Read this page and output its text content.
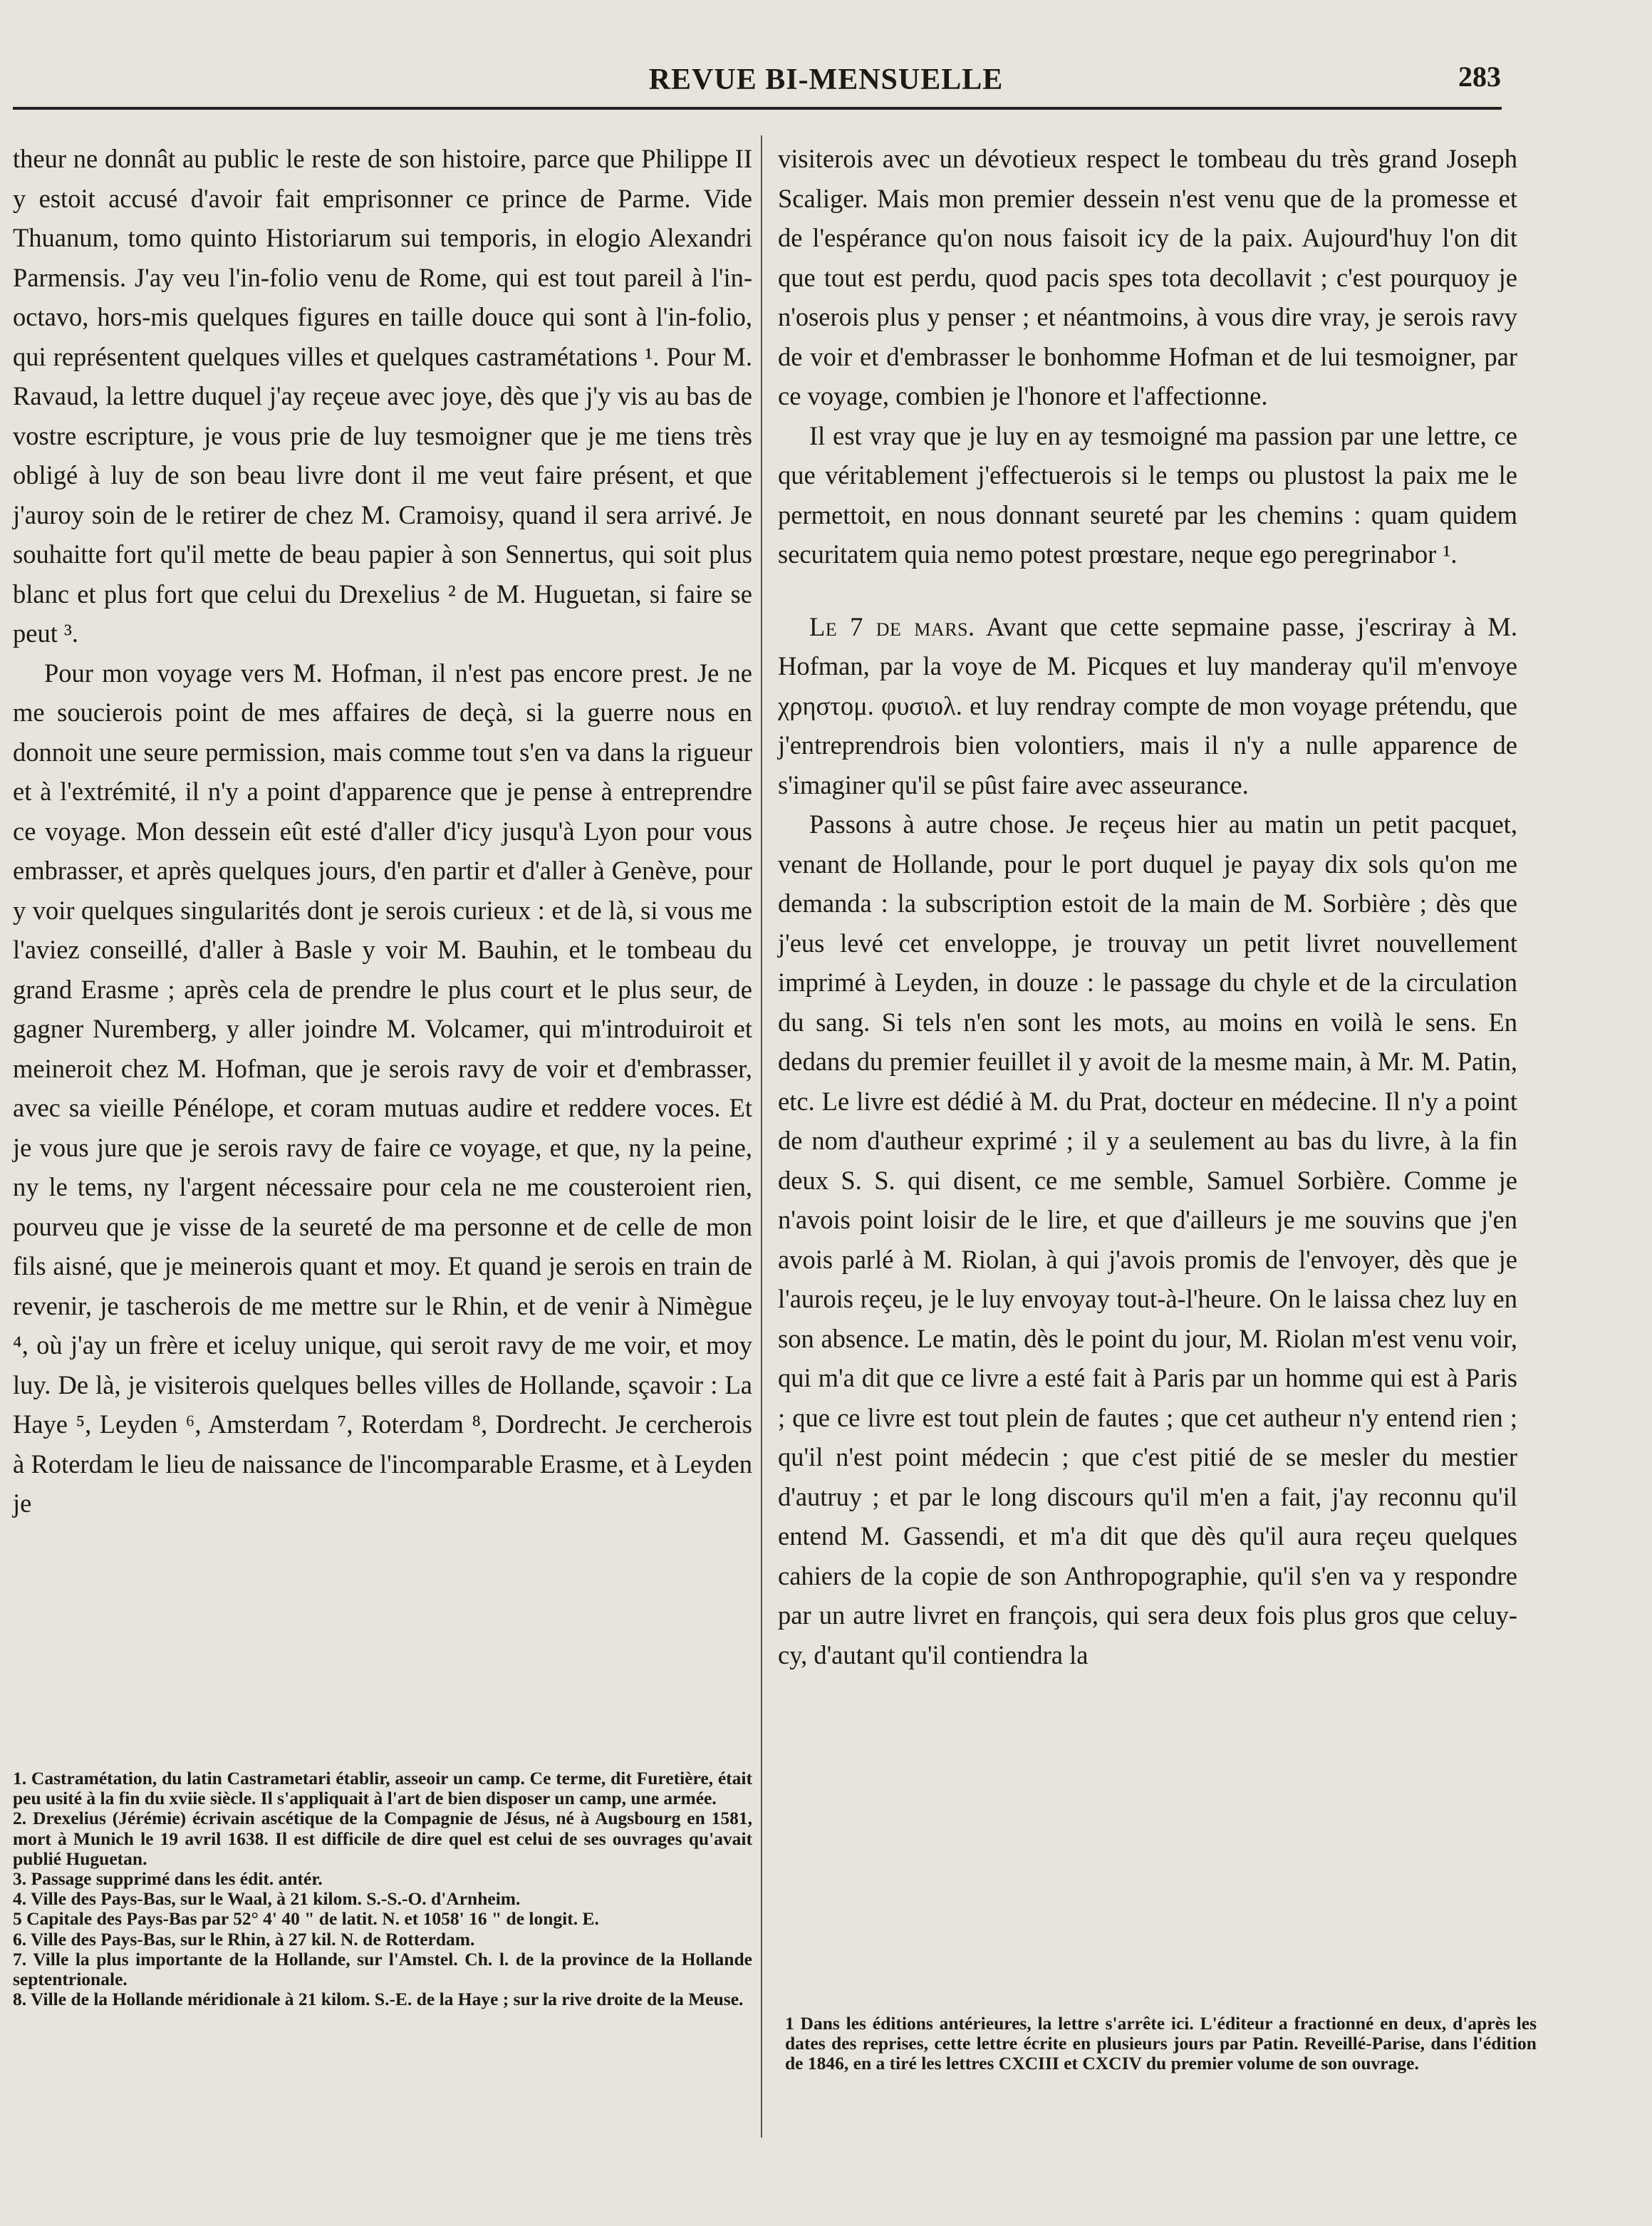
REVUE BI-MENSUELLE	283

theur ne donnât au public le reste de son histoire, parce que Philippe II y estoit accusé d'avoir fait emprisonner ce prince de Parme. Vide Thuanum, tomo quinto Historiarum sui temporis, in elogio Alexandri Parmensis. J'ay veu l'in-folio venu de Rome, qui est tout pareil à l'in-octavo, hors-mis quelques figures en taille douce qui sont à l'in-folio, qui représentent quelques villes et quelques castramétations ¹. Pour M. Ravaud, la lettre duquel j'ay reçeue avec joye, dès que j'y vis au bas de vostre escripture, je vous prie de luy tesmoigner que je me tiens très obligé à luy de son beau livre dont il me veut faire présent, et que j'auroy soin de le retirer de chez M. Cramoisy, quand il sera arrivé. Je souhaitte fort qu'il mette de beau papier à son Sennertus, qui soit plus blanc et plus fort que celui du Drexelius ² de M. Huguetan, si faire se peut ³.

Pour mon voyage vers M. Hofman, il n'est pas encore prest. Je ne me soucierois point de mes affaires de deçà, si la guerre nous en donnoit une seure permission, mais comme tout s'en va dans la rigueur et à l'extrémité, il n'y a point d'apparence que je pense à entreprendre ce voyage. Mon dessein eût esté d'aller d'icy jusqu'à Lyon pour vous embrasser, et après quelques jours, d'en partir et d'aller à Genève, pour y voir quelques singularités dont je serois curieux : et de là, si vous me l'aviez conseillé, d'aller à Basle y voir M. Bauhin, et le tombeau du grand Erasme ; après cela de prendre le plus court et le plus seur, de gagner Nuremberg, y aller joindre M. Volcamer, qui m'introduiroit et meineroit chez M. Hofman, que je serois ravy de voir et d'embrasser, avec sa vieille Pénélope, et coram mutuas audire et reddere voces. Et je vous jure que je serois ravy de faire ce voyage, et que, ny la peine, ny le tems, ny l'argent nécessaire pour cela ne me cousteroient rien, pourveu que je visse de la seureté de ma personne et de celle de mon fils aisné, que je meinerois quant et moy. Et quand je serois en train de revenir, je tascherois de me mettre sur le Rhin, et de venir à Nimègue ⁴, où j'ay un frère et iceluy unique, qui seroit ravy de me voir, et moy luy. De là, je visiterois quelques belles villes de Hollande, sçavoir : La Haye ⁵, Leyden ⁶, Amsterdam ⁷, Roterdam ⁸, Dordrecht. Je cercherois à Roterdam le lieu de naissance de l'incomparable Erasme, et à Leyden je

1. Castramétation, du latin Castrametari établir, asseoir un camp. Ce terme, dit Furetière, était peu usité à la fin du xviie siècle. Il s'appliquait à l'art de bien disposer un camp, une armée.

2. Drexelius (Jérémie) écrivain ascétique de la Compagnie de Jésus, né à Augsbourg en 1581, mort à Munich le 19 avril 1638. Il est difficile de dire quel est celui de ses ouvrages qu'avait publié Huguetan.

3. Passage supprimé dans les édit. antér.

4. Ville des Pays-Bas, sur le Waal, à 21 kilom. S.-S.-O. d'Arnheim.

5 Capitale des Pays-Bas par 52° 4' 40 " de latit. N. et 1058' 16 " de longit. E.

6. Ville des Pays-Bas, sur le Rhin, à 27 kil. N. de Rotterdam.

7. Ville la plus importante de la Hollande, sur l'Amstel. Ch. l. de la province de la Hollande septentrionale.

8. Ville de la Hollande méridionale à 21 kilom. S.-E. de la Haye ; sur la rive droite de la Meuse.

visiterois avec un dévotieux respect le tombeau du très grand Joseph Scaliger. Mais mon premier dessein n'est venu que de la promesse et de l'espérance qu'on nous faisoit icy de la paix. Aujourd'huy l'on dit que tout est perdu, quod pacis spes tota decollavit ; c'est pourquoy je n'oserois plus y penser ; et néantmoins, à vous dire vray, je serois ravy de voir et d'embrasser le bonhomme Hofman et de lui tesmoigner, par ce voyage, combien je l'honore et l'affectionne.

Il est vray que je luy en ay tesmoigné ma passion par une lettre, ce que véritablement j'effectuerois si le temps ou plustost la paix me le permettoit, en nous donnant seureté par les chemins : quam quidem securitatem quia nemo potest prœstare, neque ego peregrinabor ¹.

Le 7 de mars. Avant que cette sepmaine passe, j'escriray à M. Hofman, par la voye de M. Picques et luy manderay qu'il m'envoye χρηστομ. φυσιολ. et luy rendray compte de mon voyage prétendu, que j'entreprendrois bien volontiers, mais il n'y a nulle apparence de s'imaginer qu'il se pûst faire avec asseurance.

Passons à autre chose. Je reçeus hier au matin un petit pacquet, venant de Hollande, pour le port duquel je payay dix sols qu'on me demanda : la subscription estoit de la main de M. Sorbière ; dès que j'eus levé cet enveloppe, je trouvay un petit livret nouvellement imprimé à Leyden, in douze : le passage du chyle et de la circulation du sang. Si tels n'en sont les mots, au moins en voilà le sens. En dedans du premier feuillet il y avoit de la mesme main, à Mr. M. Patin, etc. Le livre est dédié à M. du Prat, docteur en médecine. Il n'y a point de nom d'autheur exprimé ; il y a seulement au bas du livre, à la fin deux S. S. qui disent, ce me semble, Samuel Sorbière. Comme je n'avois point loisir de le lire, et que d'ailleurs je me souvins que j'en avois parlé à M. Riolan, à qui j'avois promis de l'envoyer, dès que je l'aurois reçeu, je le luy envoyay tout-à-l'heure. On le laissa chez luy en son absence. Le matin, dès le point du jour, M. Riolan m'est venu voir, qui m'a dit que ce livre a esté fait à Paris par un homme qui est à Paris ; que ce livre est tout plein de fautes ; que cet autheur n'y entend rien ; qu'il n'est point médecin ; que c'est pitié de se mesler du mestier d'autruy ; et par le long discours qu'il m'en a fait, j'ay reconnu qu'il entend M. Gassendi, et m'a dit que dès qu'il aura reçeu quelques cahiers de la copie de son Anthropographie, qu'il s'en va y respondre par un autre livret en françois, qui sera deux fois plus gros que celuy-cy, d'autant qu'il contiendra la

1 Dans les éditions antérieures, la lettre s'arrête ici. L'éditeur a fractionné en deux, d'après les dates des reprises, cette lettre écrite en plusieurs jours par Patin. Reveillé-Parise, dans l'édition de 1846, en a tiré les lettres CXCIII et CXCIV du premier volume de son ouvrage.
